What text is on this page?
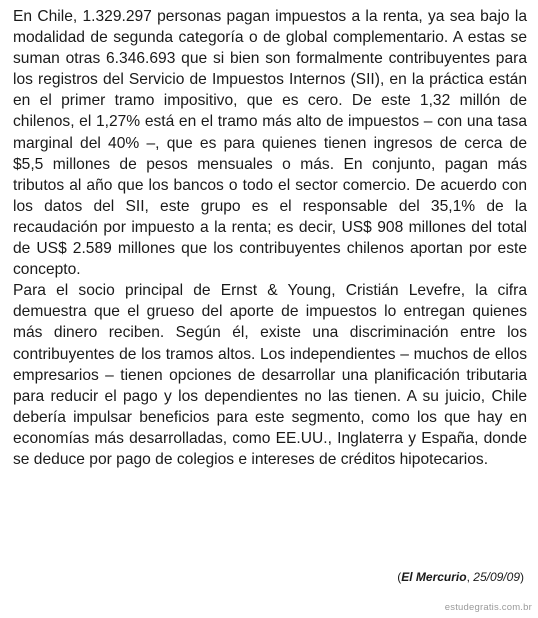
En Chile, 1.329.297 personas pagan impuestos a la renta, ya sea bajo la modalidad de segunda categoría o de global complementario. A estas se suman otras 6.346.693 que si bien son formalmente contribuyentes para los registros del Servicio de Impuestos Internos (SII), en la práctica están en el primer tramo impositivo, que es cero. De este 1,32 millón de chilenos, el 1,27% está en el tramo más alto de impuestos – con una tasa marginal del 40% –, que es para quienes tienen ingresos de cerca de $5,5 millones de pesos mensuales o más. En conjunto, pagan más tributos al año que los bancos o todo el sector comercio. De acuerdo con los datos del SII, este grupo es el responsable del 35,1% de la recaudación por impuesto a la renta; es decir, US$ 908 millones del total de US$ 2.589 millones que los contribuyentes chilenos aportan por este concepto.

Para el socio principal de Ernst & Young, Cristián Levefre, la cifra demuestra que el grueso del aporte de impuestos lo entregan quienes más dinero reciben. Según él, existe una discriminación entre los contribuyentes de los tramos altos. Los independientes – muchos de ellos empresarios – tienen opciones de desarrollar una planificación tributaria para reducir el pago y los dependientes no las tienen. A su juicio, Chile debería impulsar beneficios para este segmento, como los que hay en economías más desarrolladas, como EE.UU., Inglaterra y España, donde se deduce por pago de colegios e intereses de créditos hipotecarios.

(El Mercurio, 25/09/09)
estudegratis.com.br
